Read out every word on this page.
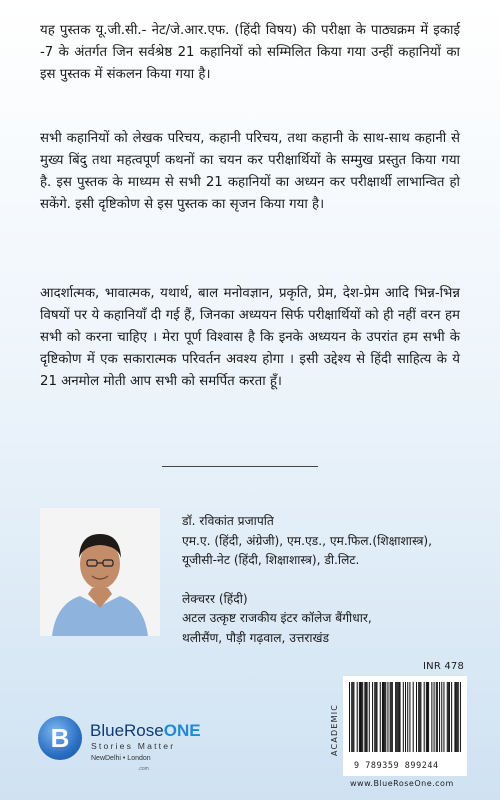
यह पुस्तक यू.जी.सी.- नेट/जे.आर.एफ. (हिंदी विषय) की परीक्षा के पाठ्यक्रम में इकाई -7 के अंतर्गत जिन सर्वश्रेष्ठ 21 कहानियों को सम्मिलित किया गया उन्हीं कहानियों का इस पुस्तक में संकलन किया गया है।

सभी कहानियों को लेखक परिचय, कहानी परिचय, तथा कहानी के साथ-साथ कहानी से मुख्य बिंदु तथा महत्वपूर्ण कथनों का चयन कर परीक्षार्थियों के सम्मुख प्रस्तुत किया गया है. इस पुस्तक के माध्यम से सभी 21 कहानियों का अध्यन कर परीक्षार्थी लाभान्वित हो सकेंगे. इसी दृष्टिकोण से इस पुस्तक का सृजन किया गया है।

आदर्शात्मक, भावात्मक, यथार्थ, बाल मनोवज्ञान, प्रकृति, प्रेम, देश-प्रेम आदि भिन्न-भिन्न विषयों पर ये कहानियाँ दी गई हैं, जिनका अध्ययन सिर्फ परीक्षार्थियों को ही नहीं वरन हम सभी को करना चाहिए । मेरा पूर्ण विश्वास है कि इनके अध्ययन के उपरांत हम सभी के दृष्टिकोण में एक सकारात्मक परिवर्तन अवश्य होगा । इसी उद्देश्य से हिंदी साहित्य के ये 21 अनमोल मोती आप सभी को समर्पित करता हूँ।

डॉ. रविकांत प्रजापति
एम.ए. (हिंदी, अंग्रेजी), एम.एड., एम.फिल.(शिक्षाशास्त्र),
यूजीसी-नेट (हिंदी, शिक्षाशास्त्र), डी.लिट.
लेक्चरर (हिंदी)
अटल उत्कृष्ट राजकीय इंटर कॉलेज बैंगीधार,
थलीसैंण, पौड़ी गढ़वाल, उत्तराखंड
INR 478
ACADEMIC
9 789359 899244
www.BlueRoseOne.com
B	BlueRoseONE
Stories Matter
NewDelhi • London
.com
